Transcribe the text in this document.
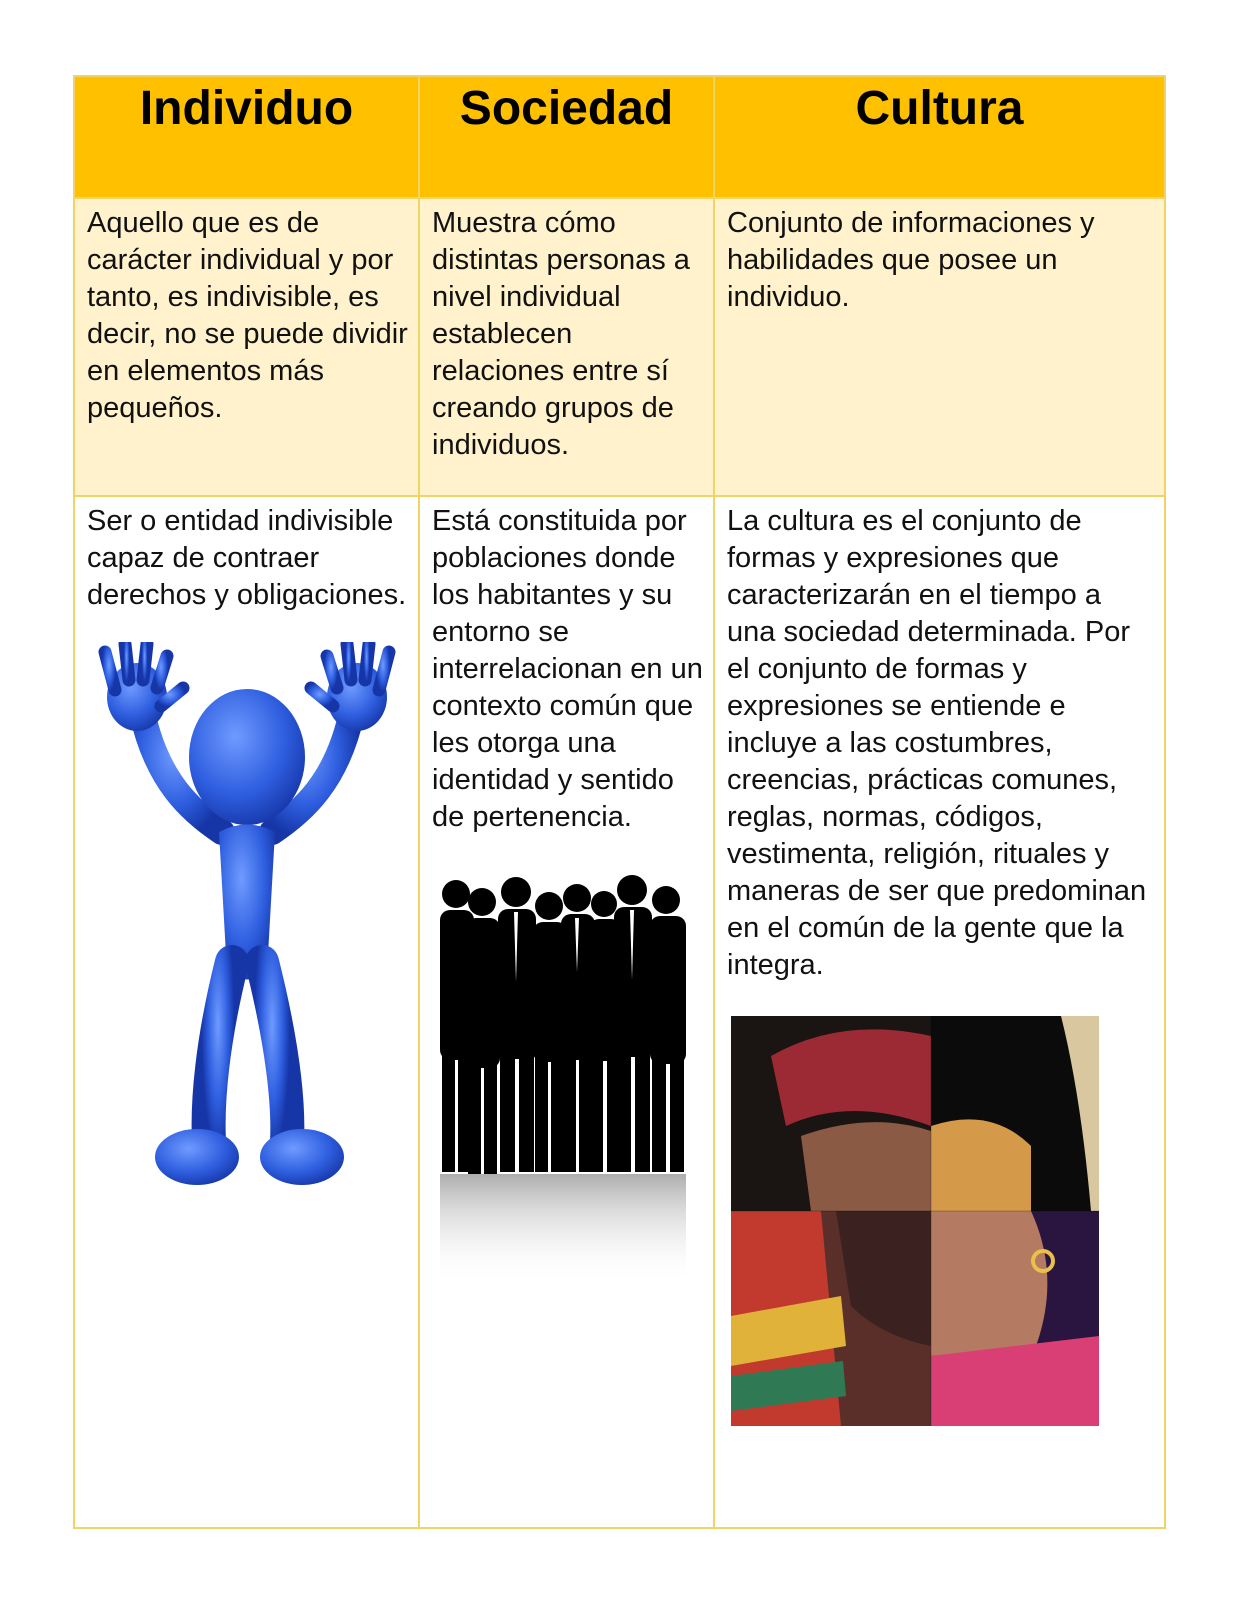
Individuo	Sociedad	Cultura

Aquello que es de carácter individual y por tanto, es indivisible, es decir, no se puede dividir en elementos más pequeños.	Muestra cómo distintas personas a nivel individual establecen relaciones entre sí creando grupos de individuos.	Conjunto de informaciones y habilidades que posee un individuo.

Ser o entidad indivisible capaz de contraer derechos y obligaciones.	Está constituida por poblaciones donde los habitantes y su entorno se interrelacionan en un contexto común que les otorga una identidad y sentido de pertenencia.	La cultura es el conjunto de formas y expresiones que caracterizarán en el tiempo a una sociedad determinada. Por el conjunto de formas y expresiones se entiende e incluye a las costumbres, creencias, prácticas comunes, reglas, normas, códigos, vestimenta, religión, rituales y maneras de ser que predominan en el común de la gente que la integra.
